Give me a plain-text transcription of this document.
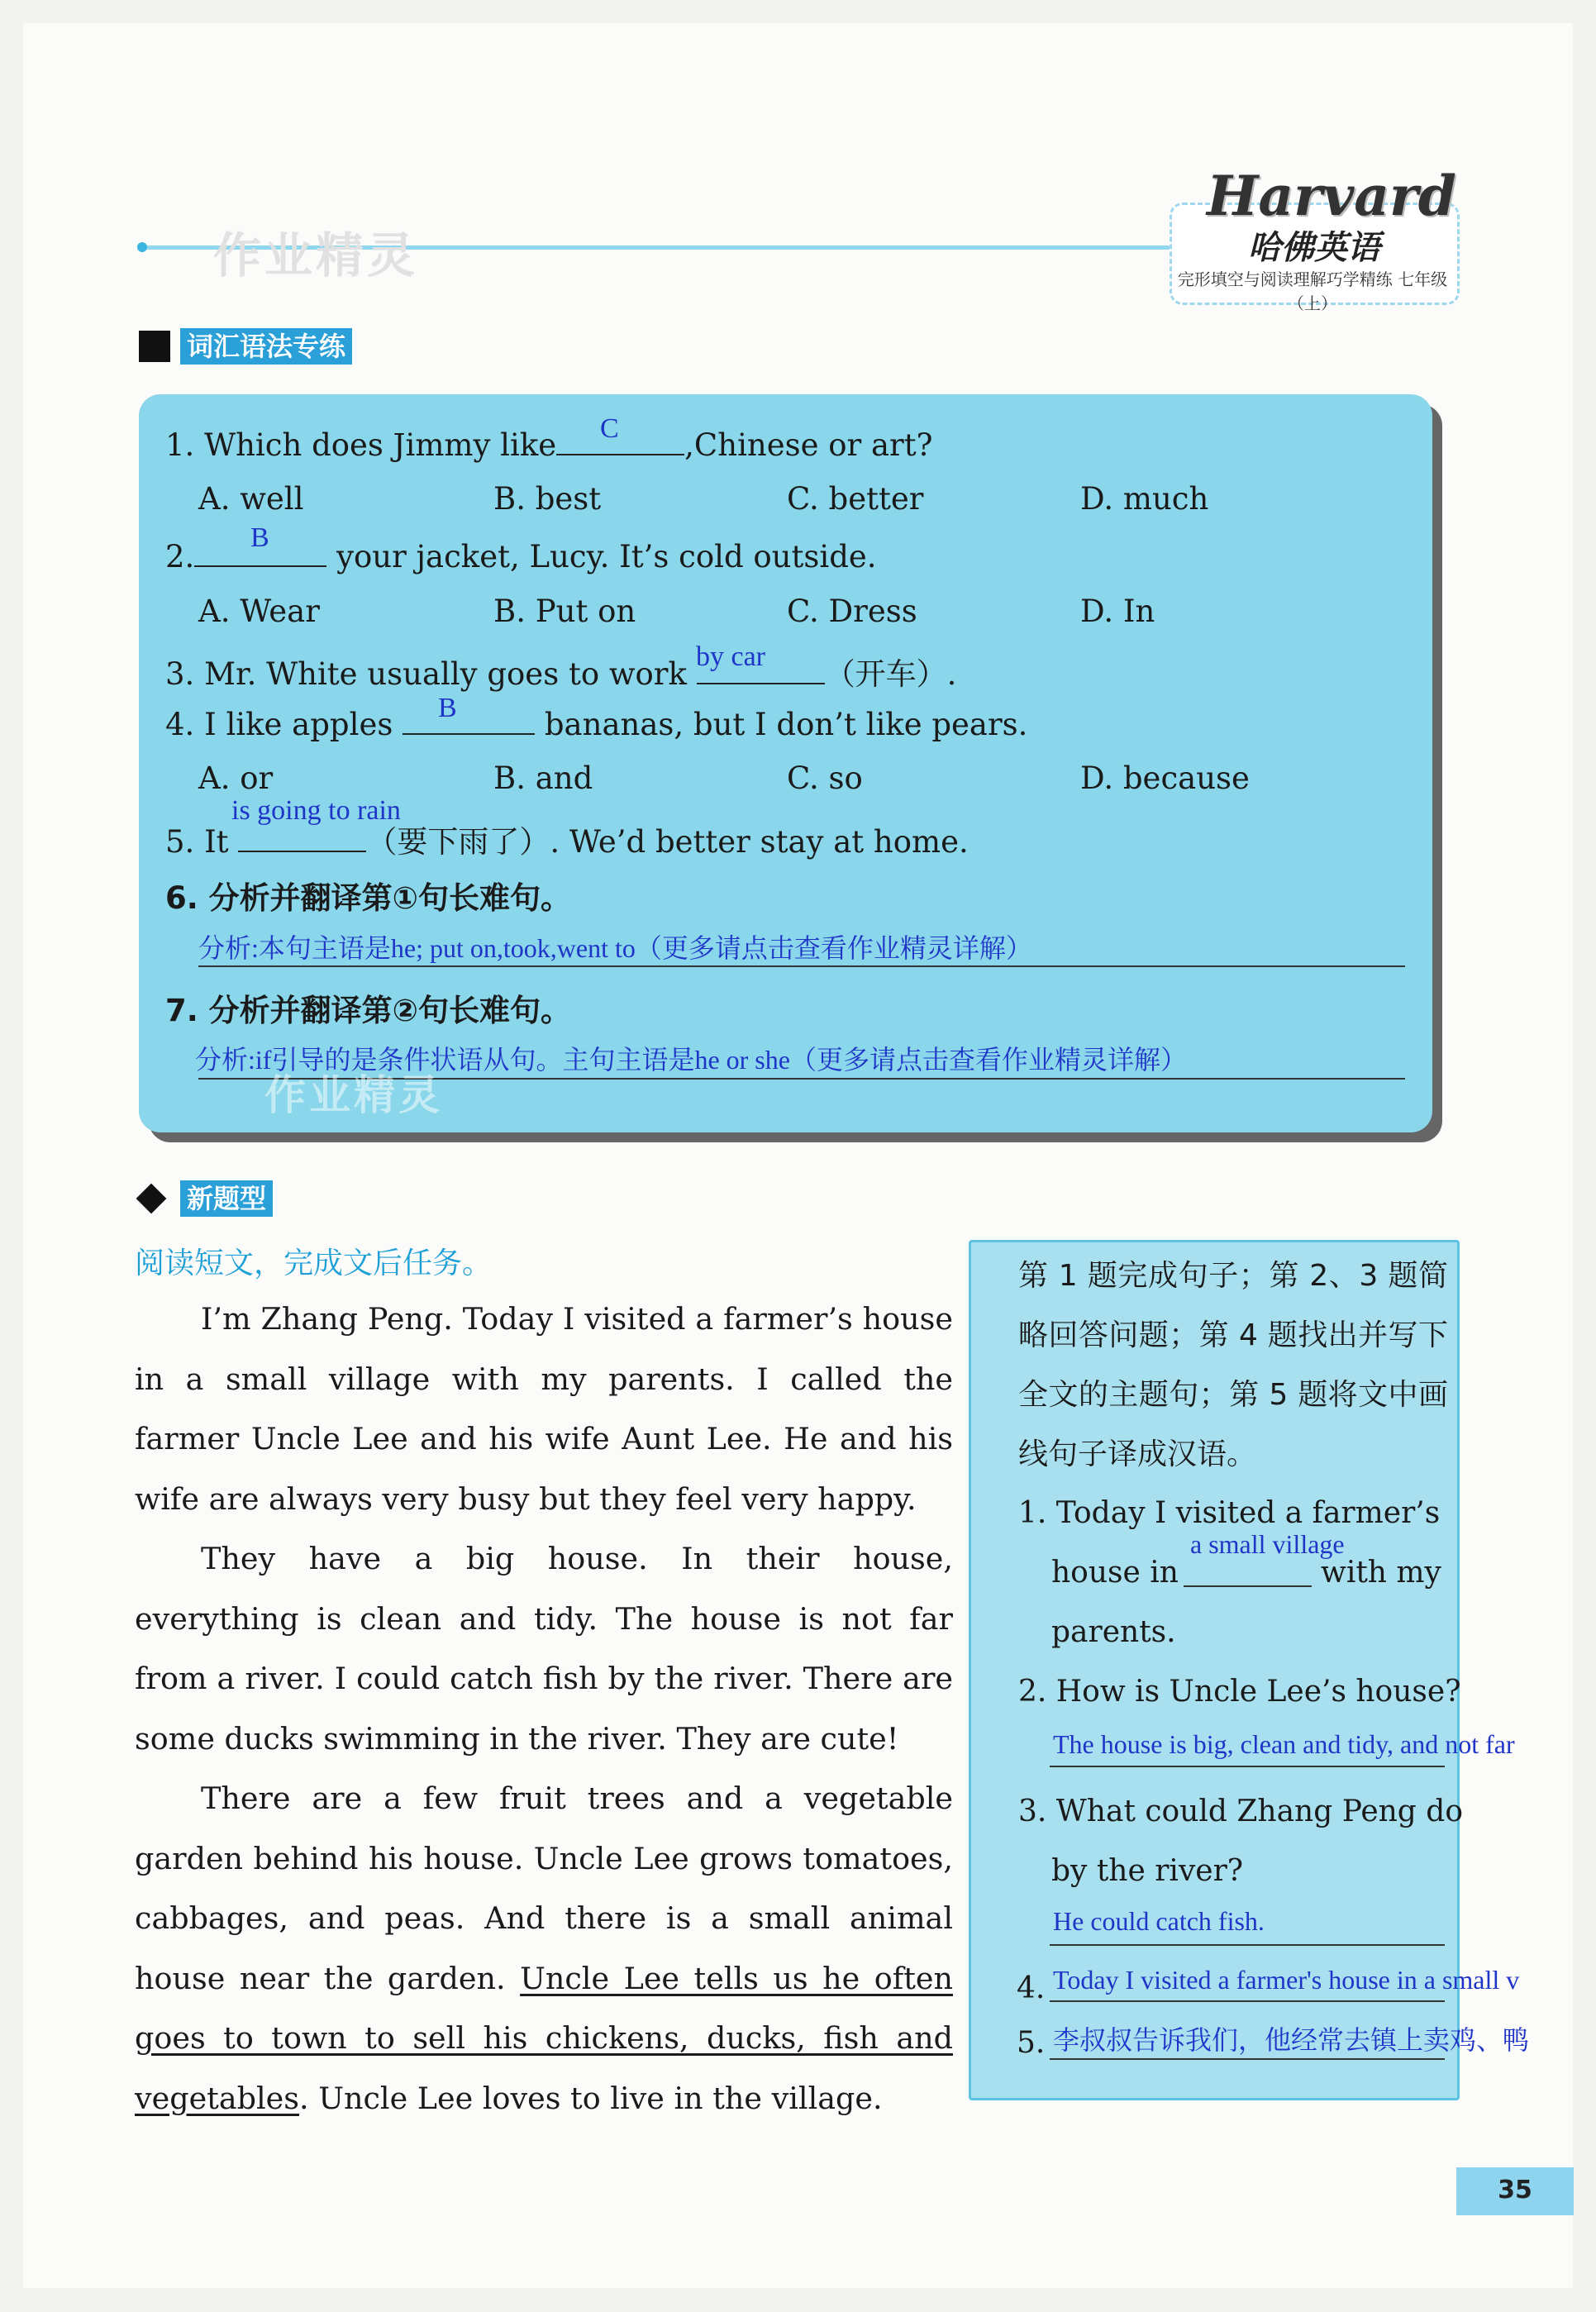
作业精灵
Harvard
哈佛英语
完形填空与阅读理解巧学精练 七年级（上）
词汇语法专练
1. Which does Jimmy like	,Chinese or art?
C
A. well	B. best	C. better	D. much
2.	your jacket, Lucy. It’s cold outside.
B
A. Wear	B. Put on	C. Dress	D. In
3. Mr. White usually goes to work	（开车）.
by car
4. I like apples	bananas, but I don’t like pears.
B
A. or	B. and	C. so	D. because
5. It	（要下雨了）. We’d better stay at home.
is going to rain
6. 分析并翻译第①句长难句。
分析:本句主语是he; put on,took,went to（更多请点击查看作业精灵详解）
7. 分析并翻译第②句长难句。
分析:if引导的是条件状语从句。主句主语是he or she（更多请点击查看作业精灵详解）
作业精灵
新题型
阅读短文，完成文后任务。
I’m Zhang Peng. Today I visited a farmer’s house in a small village with my parents. I called the farmer Uncle Lee and his wife Aunt Lee. He and his wife are always very busy but they feel very happy.
They have a big house. In their house, everything is clean and tidy. The house is not far from a river. I could catch fish by the river. There are some ducks swimming in the river. They are cute!
There are a few fruit trees and a vegetable garden behind his house. Uncle Lee grows tomatoes, cabbages, and peas. And there is a small animal house near the garden. Uncle Lee tells us he often goes to town to sell his chickens, ducks, fish and vegetables. Uncle Lee loves to live in the village.
第 1 题完成句子；第 2、3 题简略回答问题；第 4 题找出并写下全文的主题句；第 5 题将文中画线句子译成汉语。
1. Today I visited a farmer’s
house in	with my
a small village
parents.
2. How is Uncle Lee’s house?
The house is big, clean and tidy, and not far
3. What could Zhang Peng do
by the river?
He could catch fish.
4. Today I visited a farmer's house in a small v
5. 李叔叔告诉我们，他经常去镇上卖鸡、鸭
35
